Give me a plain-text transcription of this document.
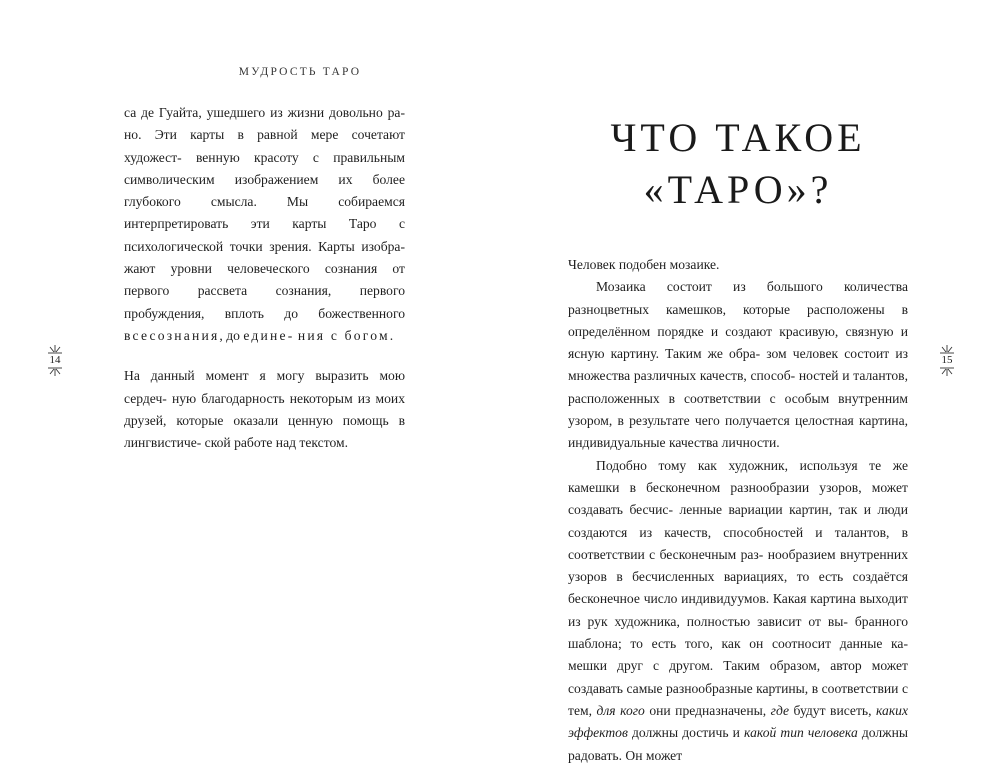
МУДРОСТЬ ТАРО

са де Гуайта, ушедшего из жизни довольно ра- но. Эти карты в равной мере сочетают художест- венную красоту с правильным символическим изображением их более глубокого смысла. Мы собираемся интерпретировать эти карты Таро с психологической точки зрения. Карты изобра- жают уровни человеческого сознания от первого рассвета сознания, первого пробуждения, вплоть до божественного всесознания, до едине- ния с богом.

На данный момент я могу выразить мою сердеч- ную благодарность некоторым из моих друзей, которые оказали ценную помощь в лингвистиче- ской работе над текстом.

14
ЧТО ТАКОЕ
«ТАРО»?

Человек подобен мозаике.

Мозаика состоит из большого количества разноцветных камешков, которые расположены в определённом порядке и создают красивую, связную и ясную картину. Таким же обра- зом человек состоит из множества различных качеств, способ- ностей и талантов, расположенных в соответствии с особым внутренним узором, в результате чего получается целостная картина, индивидуальные качества личности.

Подобно тому как художник, используя те же камешки в бесконечном разнообразии узоров, может создавать бесчис- ленные вариации картин, так и люди создаются из качеств, способностей и талантов, в соответствии с бесконечным раз- нообразием внутренних узоров в бесчисленных вариациях, то есть создаётся бесконечное число индивидуумов. Какая картина выходит из рук художника, полностью зависит от вы- бранного шаблона; то есть того, как он соотносит данные ка- мешки друг с другом. Таким образом, автор может создавать самые разнообразные картины, в соответствии с тем, для кого они предназначены, где будут висеть, каких эффектов должны достичь и какой тип человека должны радовать. Он может

15
